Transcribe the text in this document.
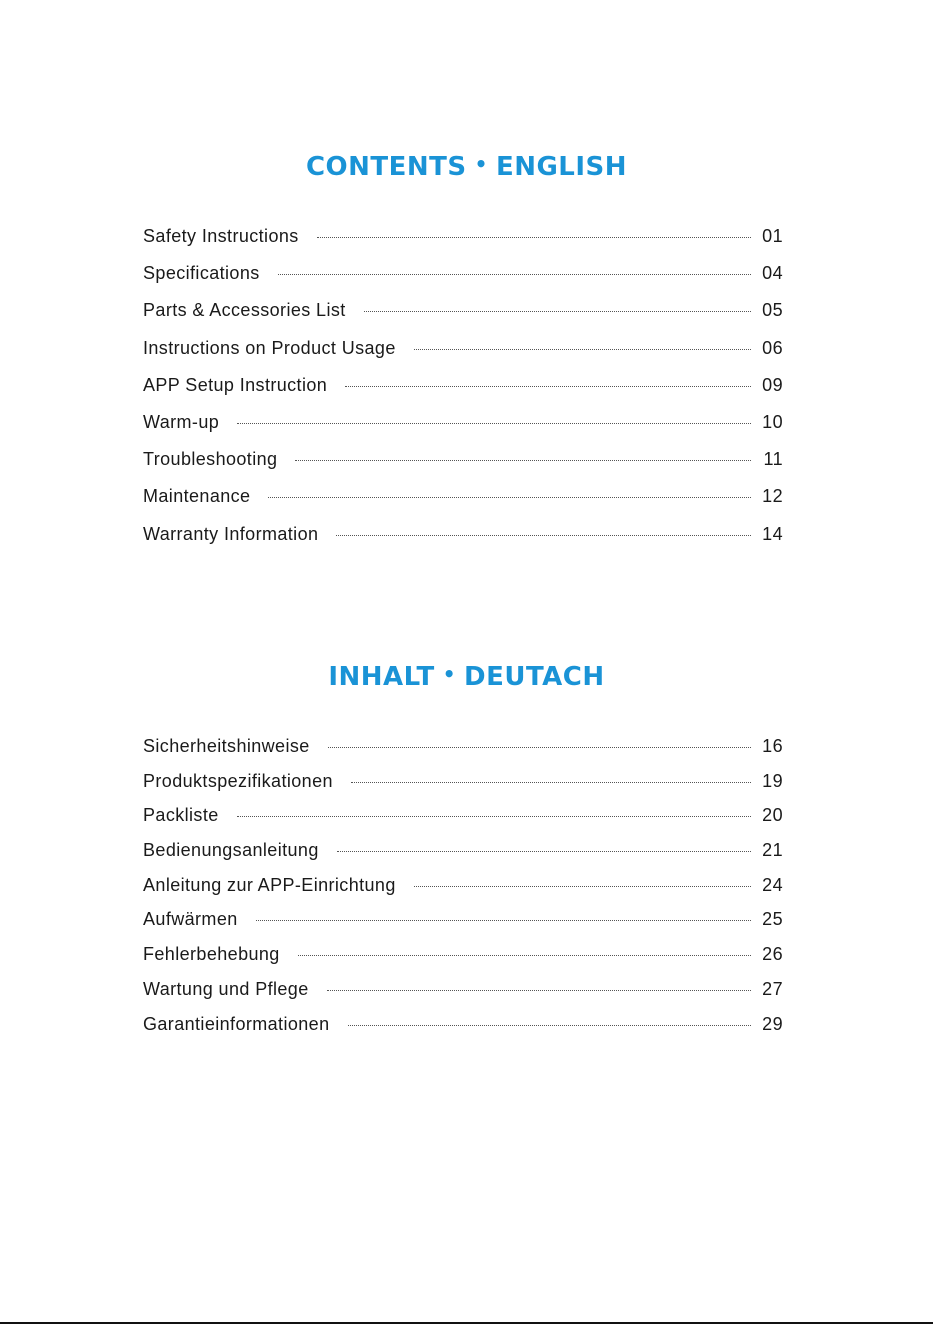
CONTENTS • ENGLISH
Safety Instructions	01
Specifications	04
Parts & Accessories List	05
Instructions on Product Usage	06
APP Setup Instruction	09
Warm-up	10
Troubleshooting	11
Maintenance	12
Warranty Information	14
INHALT • DEUTACH
Sicherheitshinweise	16
Produktspezifikationen	19
Packliste	20
Bedienungsanleitung	21
Anleitung zur APP-Einrichtung	24
Aufwärmen	25
Fehlerbehebung	26
Wartung und Pflege	27
Garantieinformationen	29
